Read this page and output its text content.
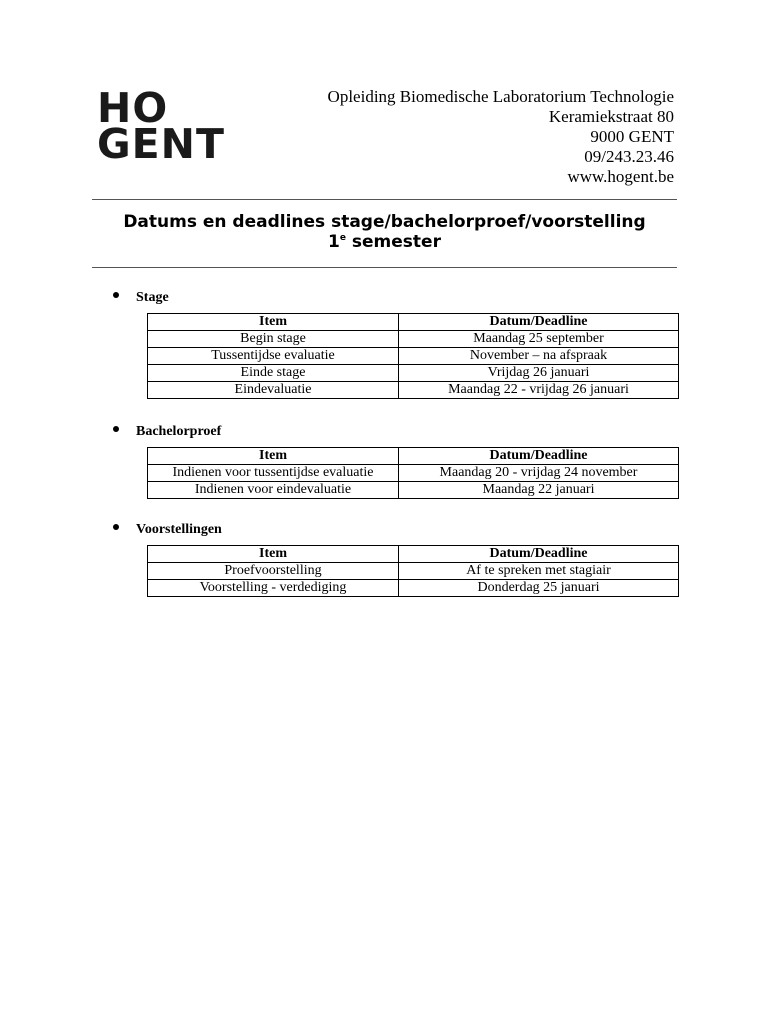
HO
GENT
Opleiding Biomedische Laboratorium Technologie
Keramiekstraat 80
9000 GENT
09/243.23.46
www.hogent.be
Datums en deadlines stage/bachelorproef/voorstelling
1e semester
Stage
Item	Datum/Deadline
Begin stage	Maandag 25 september
Tussentijdse evaluatie	November – na afspraak
Einde stage	Vrijdag 26 januari
Eindevaluatie	Maandag 22 - vrijdag 26 januari
Bachelorproef
Item	Datum/Deadline
Indienen voor tussentijdse evaluatie	Maandag 20 - vrijdag 24 november
Indienen voor eindevaluatie	Maandag 22 januari
Voorstellingen
Item	Datum/Deadline
Proefvoorstelling	Af te spreken met stagiair
Voorstelling - verdediging	Donderdag 25 januari
